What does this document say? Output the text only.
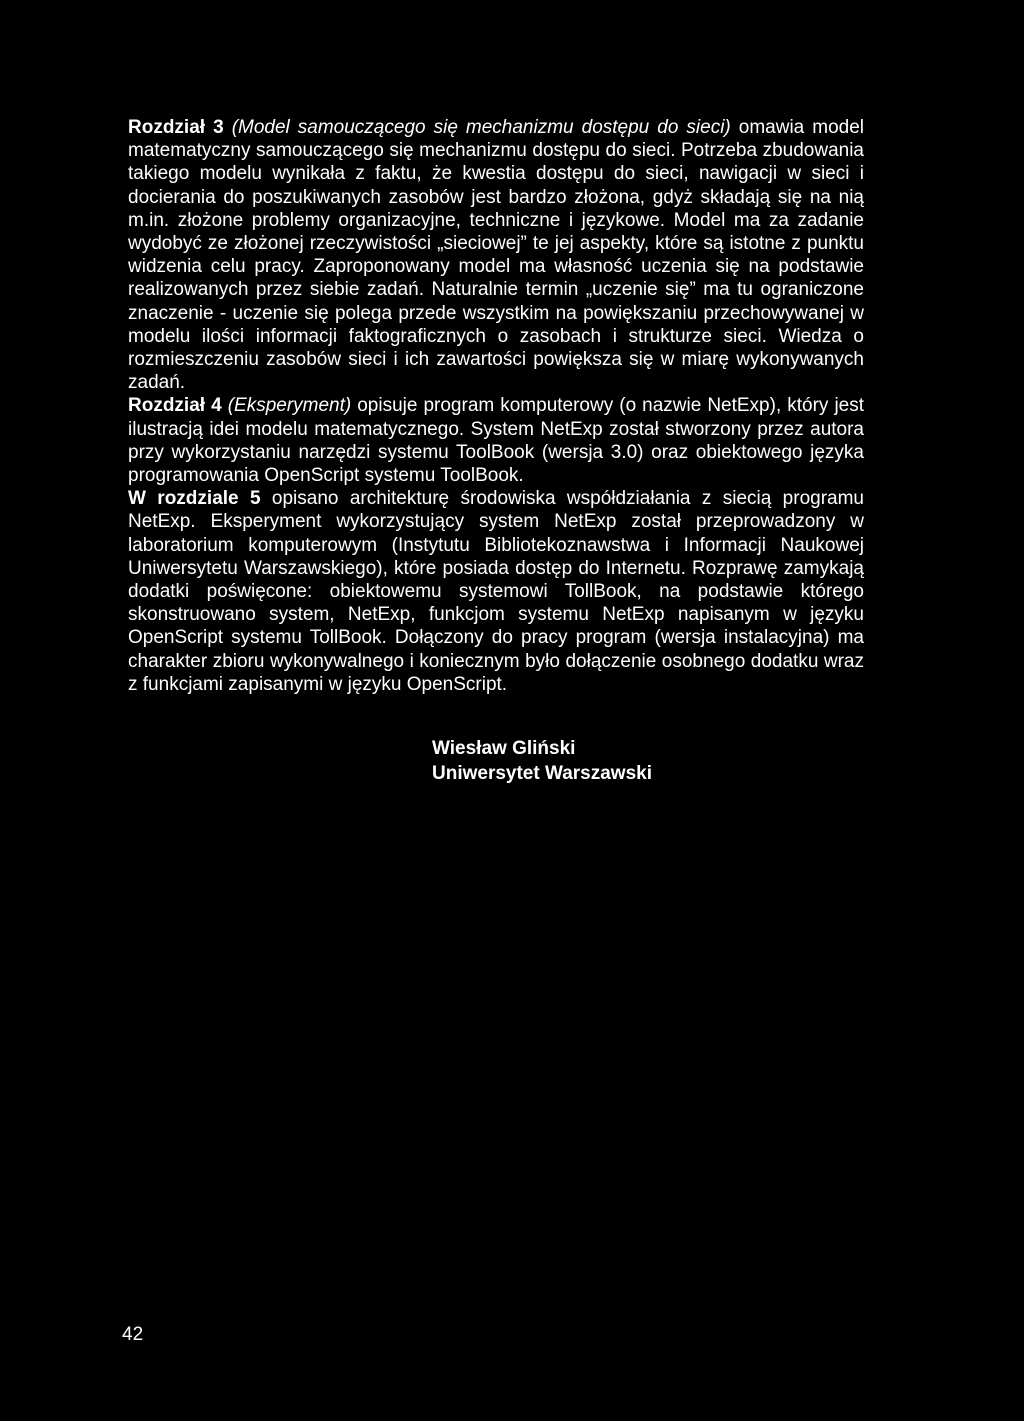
Rozdział 3 (Model samouczącego się mechanizmu dostępu do sieci) omawia model matematyczny samouczącego się mechanizmu dostępu do sieci. Potrzeba zbudowania takiego modelu wynikała z faktu, że kwestia dostępu do sieci, nawigacji w sieci i docierania do poszukiwanych zasobów jest bardzo złożona, gdyż składają się na nią m.in. złożone problemy organizacyjne, techniczne i językowe. Model ma za zadanie wydobyć ze złożonej rzeczywistości „sieciowej” te jej aspekty, które są istotne z punktu widzenia celu pracy. Zaproponowany model ma własność uczenia się na podstawie realizowanych przez siebie zadań. Naturalnie termin „uczenie się” ma tu ograniczone znaczenie - uczenie się polega przede wszystkim na powiększaniu przechowywanej w modelu ilości informacji faktograficznych o zasobach i strukturze sieci. Wiedza o rozmieszczeniu zasobów sieci i ich zawartości powiększa się w miarę wykonywanych zadań.

Rozdział 4 (Eksperyment) opisuje program komputerowy (o nazwie NetExp), który jest ilustracją idei modelu matematycznego. System NetExp został stworzony przez autora przy wykorzystaniu narzędzi systemu ToolBook (wersja 3.0) oraz obiektowego języka programowania OpenScript systemu ToolBook.

W rozdziale 5 opisano architekturę środowiska współdziałania z siecią programu NetExp. Eksperyment wykorzystujący system NetExp został przeprowadzony w laboratorium komputerowym (Instytutu Bibliotekoznawstwa i Informacji Naukowej Uniwersytetu Warszawskiego), które posiada dostęp do Internetu. Rozprawę zamykają dodatki poświęcone: obiektowemu systemowi TollBook, na podstawie którego skonstruowano system, NetExp, funkcjom systemu NetExp napisanym w języku OpenScript systemu TollBook. Dołączony do pracy program (wersja instalacyjna) ma charakter zbioru wykonywalnego i koniecznym było dołączenie osobnego dodatku wraz z funkcjami zapisanymi w języku OpenScript.

Wiesław Gliński
Uniwersytet Warszawski
42
